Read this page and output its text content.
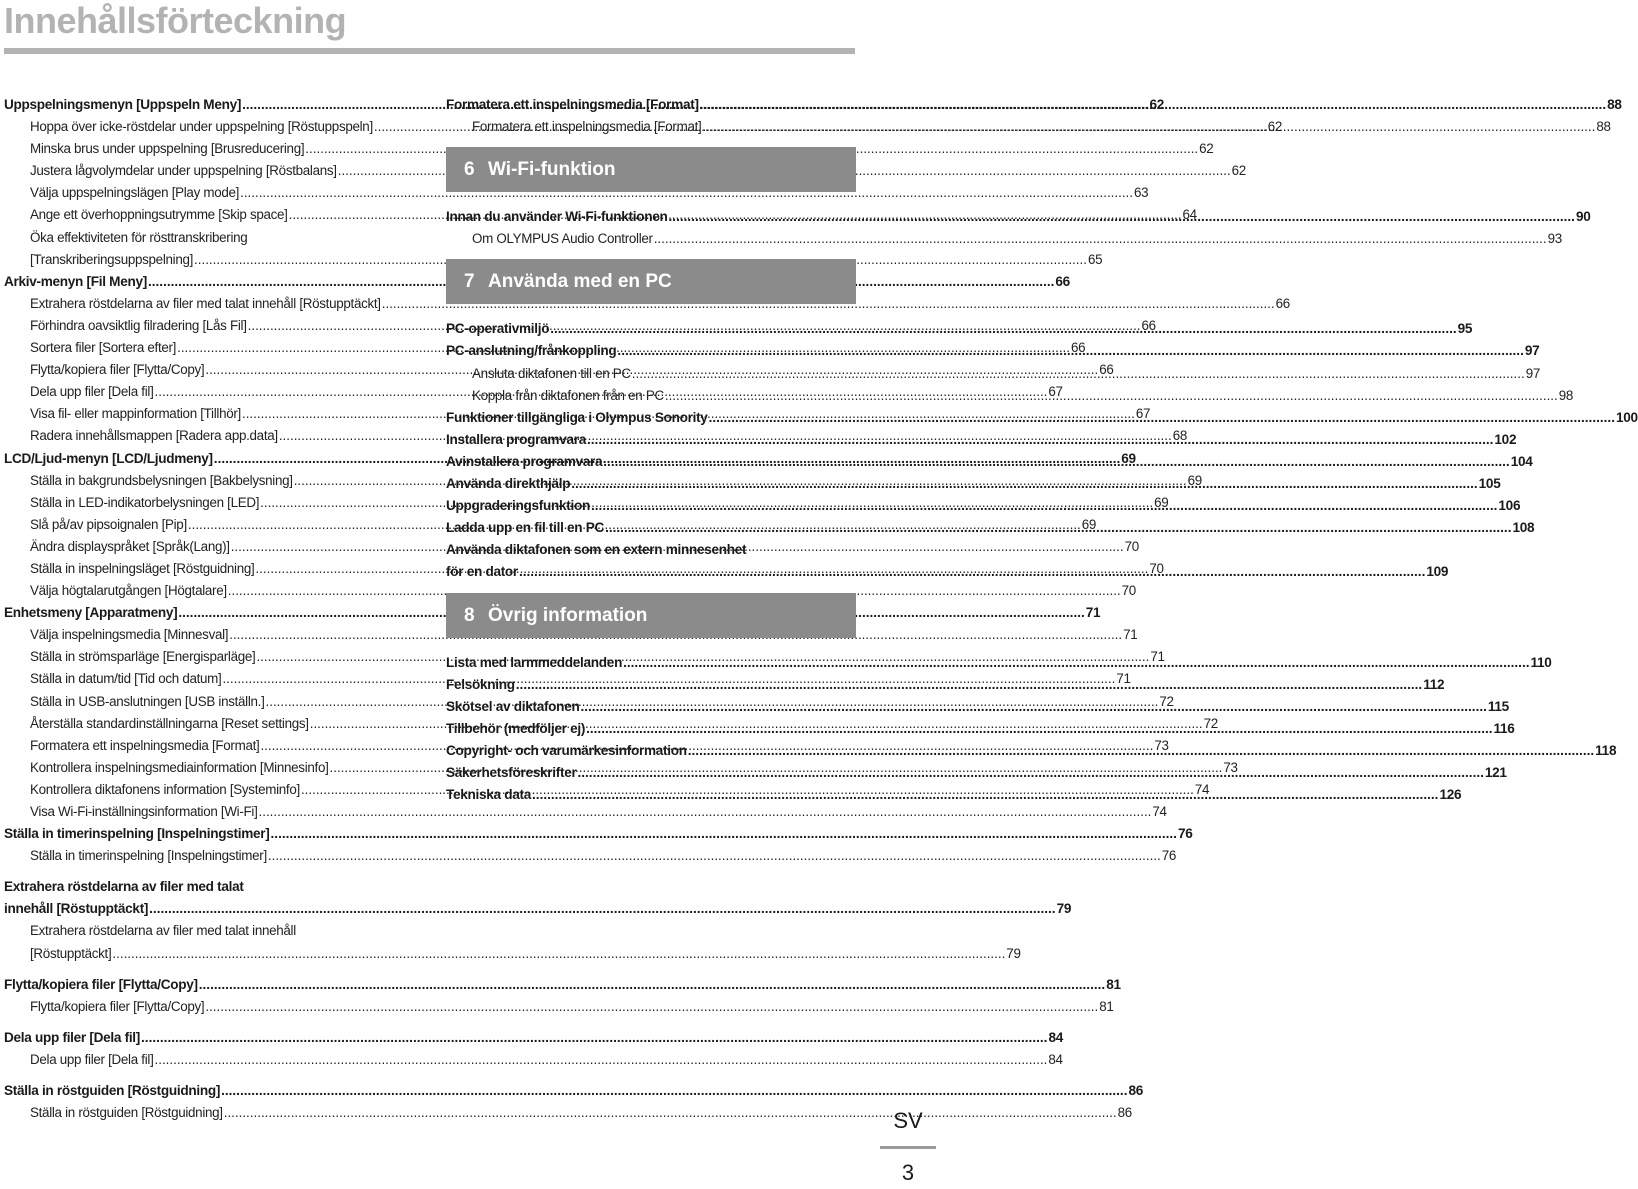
Innehållsförteckning
Uppspelningsmenyn [Uppspeln Meny] .....	62
Hoppa över icke-röstdelar under uppspelning [Röstuppspeln] .....	62
Minska brus under uppspelning [Brusreducering] .....	62
Justera lågvolymdelar under uppspelning [Röstbalans] .....	62
Välja uppspelningslägen [Play mode] .....	63
Ange ett överhoppningsutrymme [Skip space] .....	64
Öka effektiviteten för rösttranskribering
[Transkriberingsuppspelning] .....	65
Arkiv-menyn [Fil Meny] .....	66
Extrahera röstdelarna av filer med talat innehåll [Röstupptäckt] .....	66
Förhindra oavsiktlig filradering [Lås Fil] .....	66
Sortera filer [Sortera efter] .....	66
Flytta/kopiera filer [Flytta/Copy] .....	66
Dela upp filer [Dela fil] .....	67
Visa fil- eller mappinformation [Tillhör] .....	67
Radera innehållsmappen [Radera app.data] .....	68
LCD/Ljud-menyn [LCD/Ljudmeny] .....	69
Ställa in bakgrundsbelysningen [Bakbelysning] .....	69
Ställa in LED-indikatorbelysningen [LED] .....	69
Slå på/av pipsoignalen [Pip] .....	69
Ändra displayspråket [Språk(Lang)] .....	70
Ställa in inspelningsläget [Röstguidning] .....	70
Välja högtalarutgången [Högtalare] .....	70
Enhetsmeny [Apparatmeny] .....	71
Välja inspelningsmedia [Minnesval] .....	71
Ställa in strömsparläge [Energisparläge] .....	71
Ställa in datum/tid [Tid och datum] .....	71
Ställa in USB-anslutningen [USB inställn.] .....	72
Återställa standardinställningarna [Reset settings] .....	72
Formatera ett inspelningsmedia [Format] .....	73
Kontrollera inspelningsmediainformation [Minnesinfo] .....	73
Kontrollera diktafonens information [Systeminfo] .....	74
Visa Wi-Fi-inställningsinformation [Wi-Fi] .....	74
Ställa in timerinspelning [Inspelningstimer] .....	76
Ställa in timerinspelning [Inspelningstimer] .....	76
Extrahera röstdelarna av filer med talat
innehåll [Röstupptäckt] .....	79
Extrahera röstdelarna av filer med talat innehåll
[Röstupptäckt] .....	79
Flytta/kopiera filer [Flytta/Copy] .....	81
Flytta/kopiera filer [Flytta/Copy] .....	81
Dela upp filer [Dela fil] .....	84
Dela upp filer [Dela fil] .....	84
Ställa in röstguiden [Röstguidning] .....	86
Ställa in röstguiden [Röstguidning] .....	86
Formatera ett inspelningsmedia [Format] .....	88
Formatera ett inspelningsmedia [Format] .....	88
6 Wi-Fi-funktion
Innan du använder Wi-Fi-funktionen .....	90
Om OLYMPUS Audio Controller .....	93
7 Använda med en PC
PC-operativmiljö .....	95
PC-anslutning/frånkoppling .....	97
Ansluta diktafonen till en PC .....	97
Koppla från diktafonen från en PC .....	98
Funktioner tillgängliga i Olympus Sonority .....	100
Installera programvara .....	102
Avinstallera programvara .....	104
Använda direkthjälp .....	105
Uppgraderingsfunktion .....	106
Ladda upp en fil till en PC .....	108
Använda diktafonen som en extern minnesenhet
för en dator .....	109
8 Övrig information
Lista med larmmeddelanden .....	110
Felsökning .....	112
Skötsel av diktafonen .....	115
Tillbehör (medföljer ej) .....	116
Copyright- och varumärkesinformation .....	118
Säkerhetsföreskrifter .....	121
Tekniska data .....	126
SV
3
